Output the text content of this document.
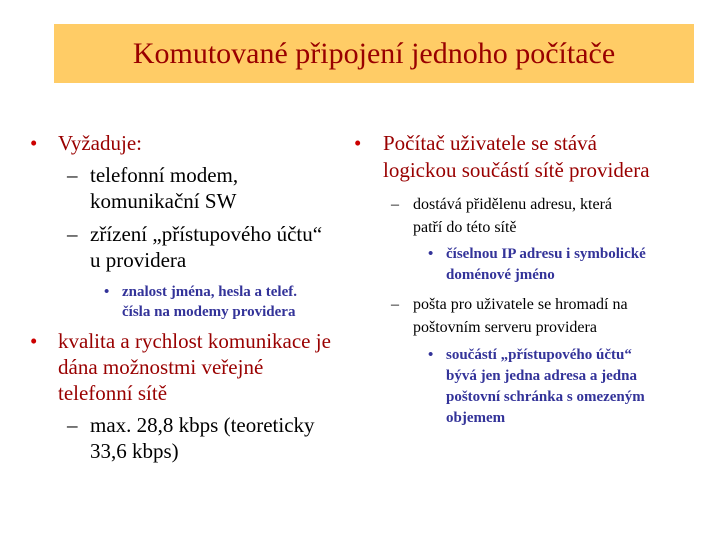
Komutované připojení jednoho počítače
• Vyžaduje:
– telefonní modem,
komunikační SW
– zřízení „přístupového účtu“
u providera
• znalost jména, hesla a telef.
čísla na modemy providera
• kvalita a rychlost komunikace je
dána možnostmi veřejné
telefonní sítě
– max. 28,8 kbps (teoreticky
33,6 kbps)
• Počítač uživatele se stává
logickou součástí sítě providera
– dostává přidělenu adresu, která
patří do této sítě
• číselnou IP adresu i symbolické
doménové jméno
– pošta pro uživatele se hromadí na
poštovním serveru providera
• součástí „přístupového účtu“
bývá jen jedna adresa a jedna
poštovní schránka s omezeným
objemem
